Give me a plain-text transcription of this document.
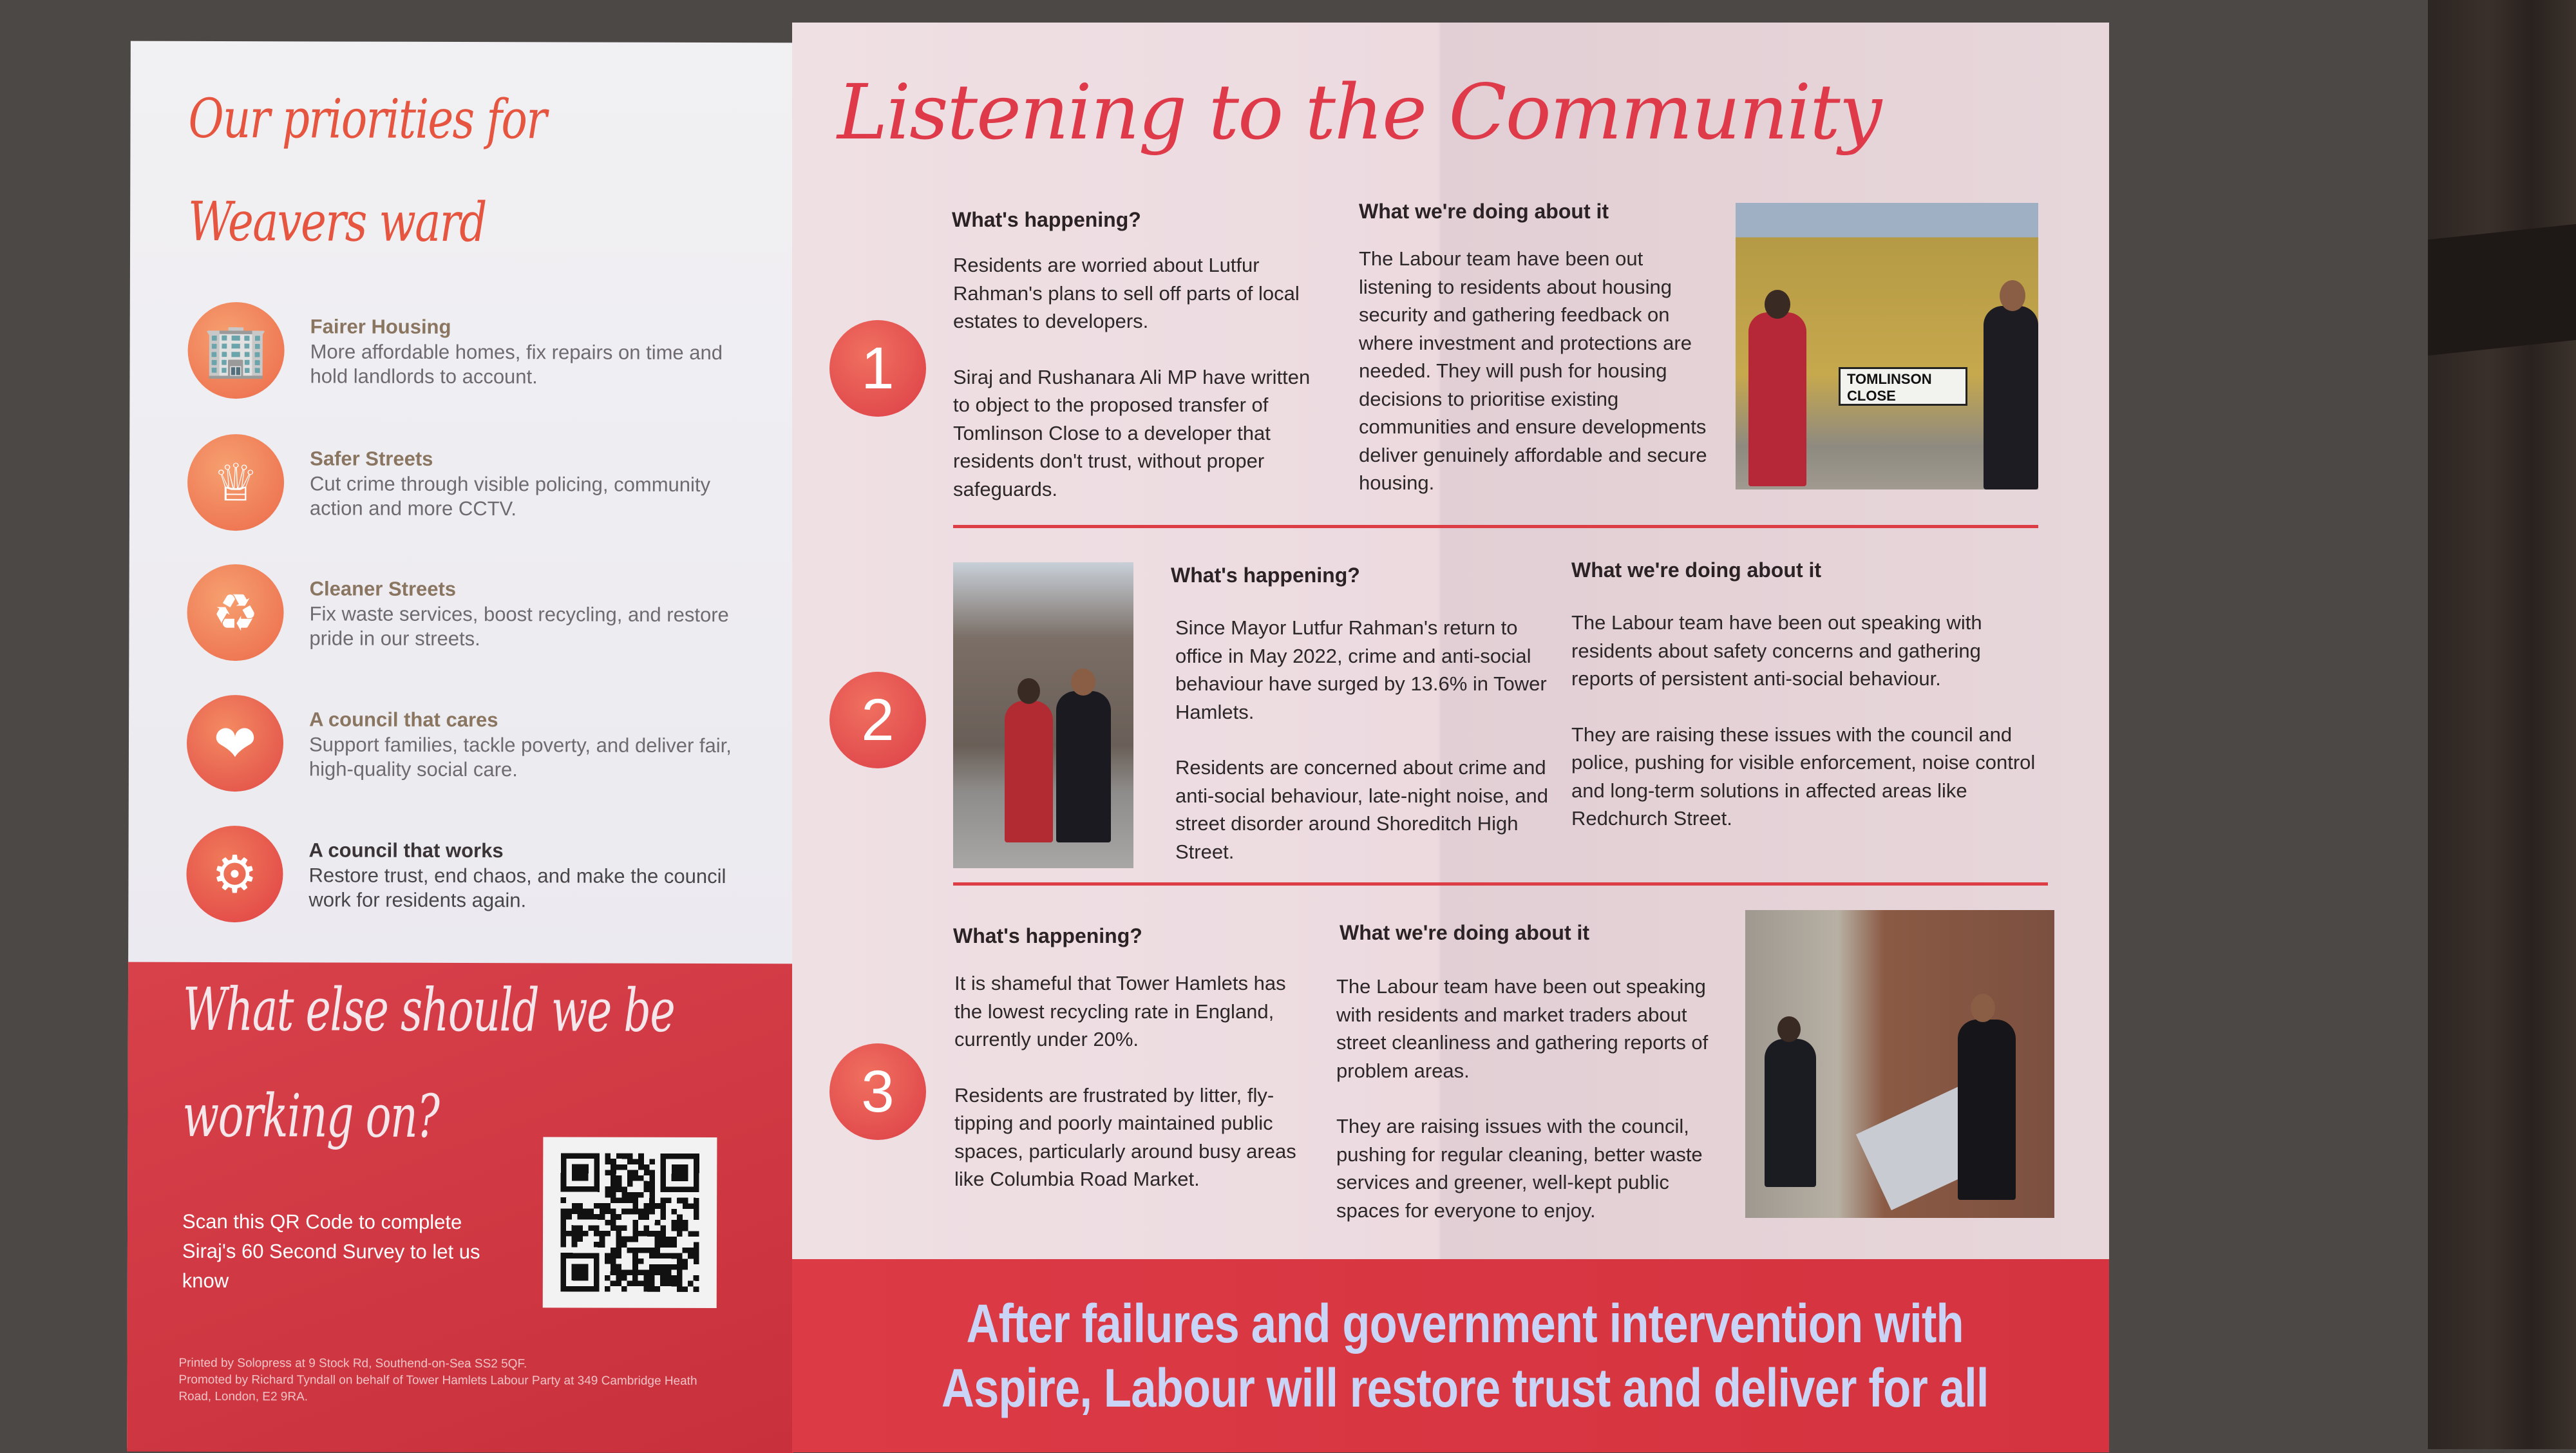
Our priorities for
Weavers ward
🏢	Fairer Housing
More affordable homes, fix repairs on time and hold landlords to account.
♕	Safer Streets
Cut crime through visible policing, community action and more CCTV.
♻	Cleaner Streets
Fix waste services, boost recycling, and restore pride in our streets.
❤	A council that cares
Support families, tackle poverty, and deliver fair, high-quality social care.
⚙	A council that works
Restore trust, end chaos, and make the council work for residents again.
What else should we be
working on?
Scan this QR Code to complete Siraj's 60 Second Survey to let us know
Printed by Solopress at 9 Stock Rd, Southend-on-Sea SS2 5QF.
Promoted by Richard Tyndall on behalf of Tower Hamlets Labour Party at 349 Cambridge Heath Road, London, E2 9RA.
Listening to the Community
1
What's happening?

Residents are worried about Lutfur Rahman's plans to sell off parts of local estates to developers.

Siraj and Rushanara Ali MP have written to object to the proposed transfer of Tomlinson Close to a developer that residents don't trust, without proper safeguards.

What we're doing about it

The Labour team have been out listening to residents about housing security and gathering feedback on where investment and protections are needed. They will push for housing decisions to prioritise existing communities and ensure developments deliver genuinely affordable and secure housing.

TOMLINSON CLOSE
2
What's happening?

Since Mayor Lutfur Rahman's return to office in May 2022, crime and anti-social behaviour have surged by 13.6% in Tower Hamlets.

Residents are concerned about crime and anti-social behaviour, late-night noise, and street disorder around Shoreditch High Street.

What we're doing about it

The Labour team have been out speaking with residents about safety concerns and gathering reports of persistent anti-social behaviour.

They are raising these issues with the council and police, pushing for visible enforcement, noise control and long-term solutions in affected areas like Redchurch Street.

3
What's happening?

It is shameful that Tower Hamlets has the lowest recycling rate in England, currently under 20%.

Residents are frustrated by litter, fly-tipping and poorly maintained public spaces, particularly around busy areas like Columbia Road Market.

What we're doing about it

The Labour team have been out speaking with residents and market traders about street cleanliness and gathering reports of problem areas.

They are raising issues with the council, pushing for regular cleaning, better waste services and greener, well-kept public spaces for everyone to enjoy.

After failures and government intervention with
Aspire, Labour will restore trust and deliver for all
